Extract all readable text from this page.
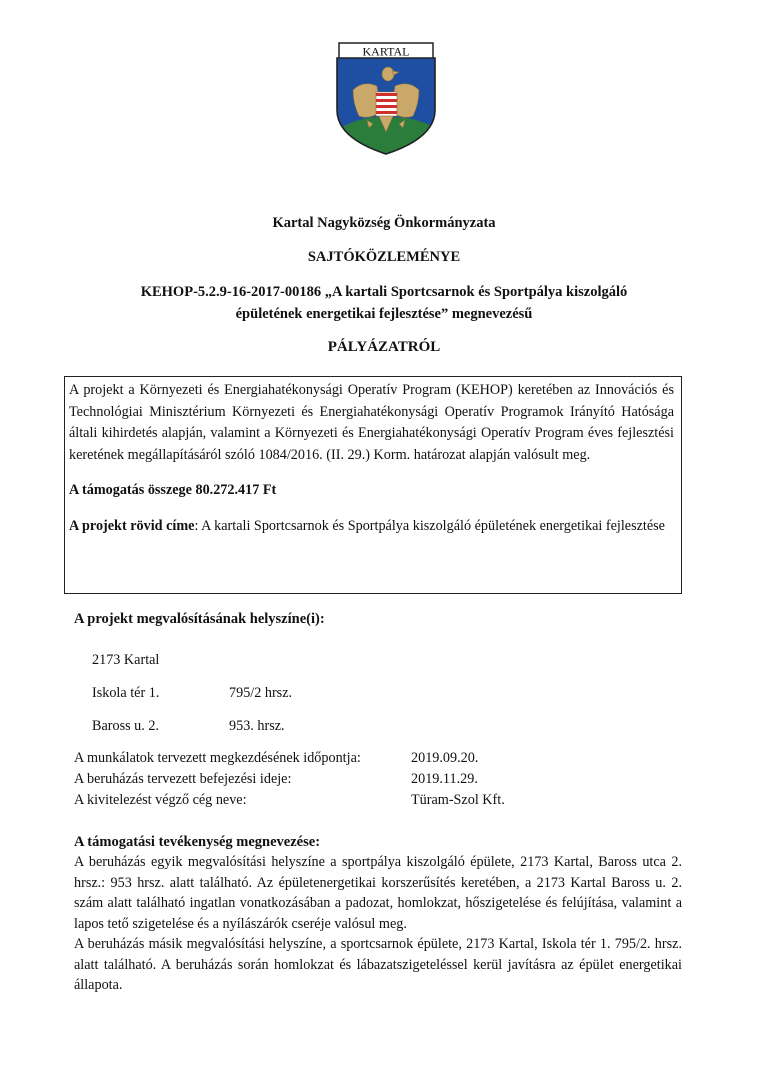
KARTAL
Kartal Nagyközség Önkormányzata
SAJTÓKÖZLEMÉNYE
KEHOP-5.2.9-16-2017-00186 „A kartali Sportcsarnok és Sportpálya kiszolgáló
épületének energetikai fejlesztése” megnevezésű
PÁLYÁZATRÓL

A projekt a Környezeti és Energiahatékonysági Operatív Program (KEHOP) keretében az Innovációs és Technológiai Minisztérium Környezeti és Energiahatékonysági Operatív Programok Irányító Hatósága általi kihirdetés alapján, valamint a Környezeti és Energiahatékonysági Operatív Program éves fejlesztési keretének megállapításáról szóló 1084/2016. (II. 29.) Korm. határozat alapján valósult meg.

A támogatás összege 80.272.417 Ft

A projekt rövid címe: A kartali Sportcsarnok és Sportpálya kiszolgáló épületének energetikai fejlesztése

A projekt megvalósításának helyszíne(i):
2173 Kartal
Iskola tér 1.	795/2 hrsz.
Baross u. 2.	953. hrsz.
A munkálatok tervezett megkezdésének időpontja:	2019.09.20.
A beruházás tervezett befejezési ideje:	2019.11.29.
A kivitelezést végző cég neve:	Türam-Szol Kft.
A támogatási tevékenység megnevezése:

A beruházás egyik megvalósítási helyszíne a sportpálya kiszolgáló épülete, 2173 Kartal, Baross utca 2. hrsz.: 953 hrsz. alatt található. Az épületenergetikai korszerűsítés keretében, a 2173 Kartal Baross u. 2. szám alatt található ingatlan vonatkozásában a padozat, homlokzat, hőszigetelése és felújítása, valamint a lapos tető szigetelése és a nyílászárók cseréje valósul meg.

A beruházás másik megvalósítási helyszíne, a sportcsarnok épülete, 2173 Kartal, Iskola tér 1. 795/2. hrsz. alatt található. A beruházás során homlokzat és lábazatszigeteléssel kerül javításra az épület energetikai állapota.
